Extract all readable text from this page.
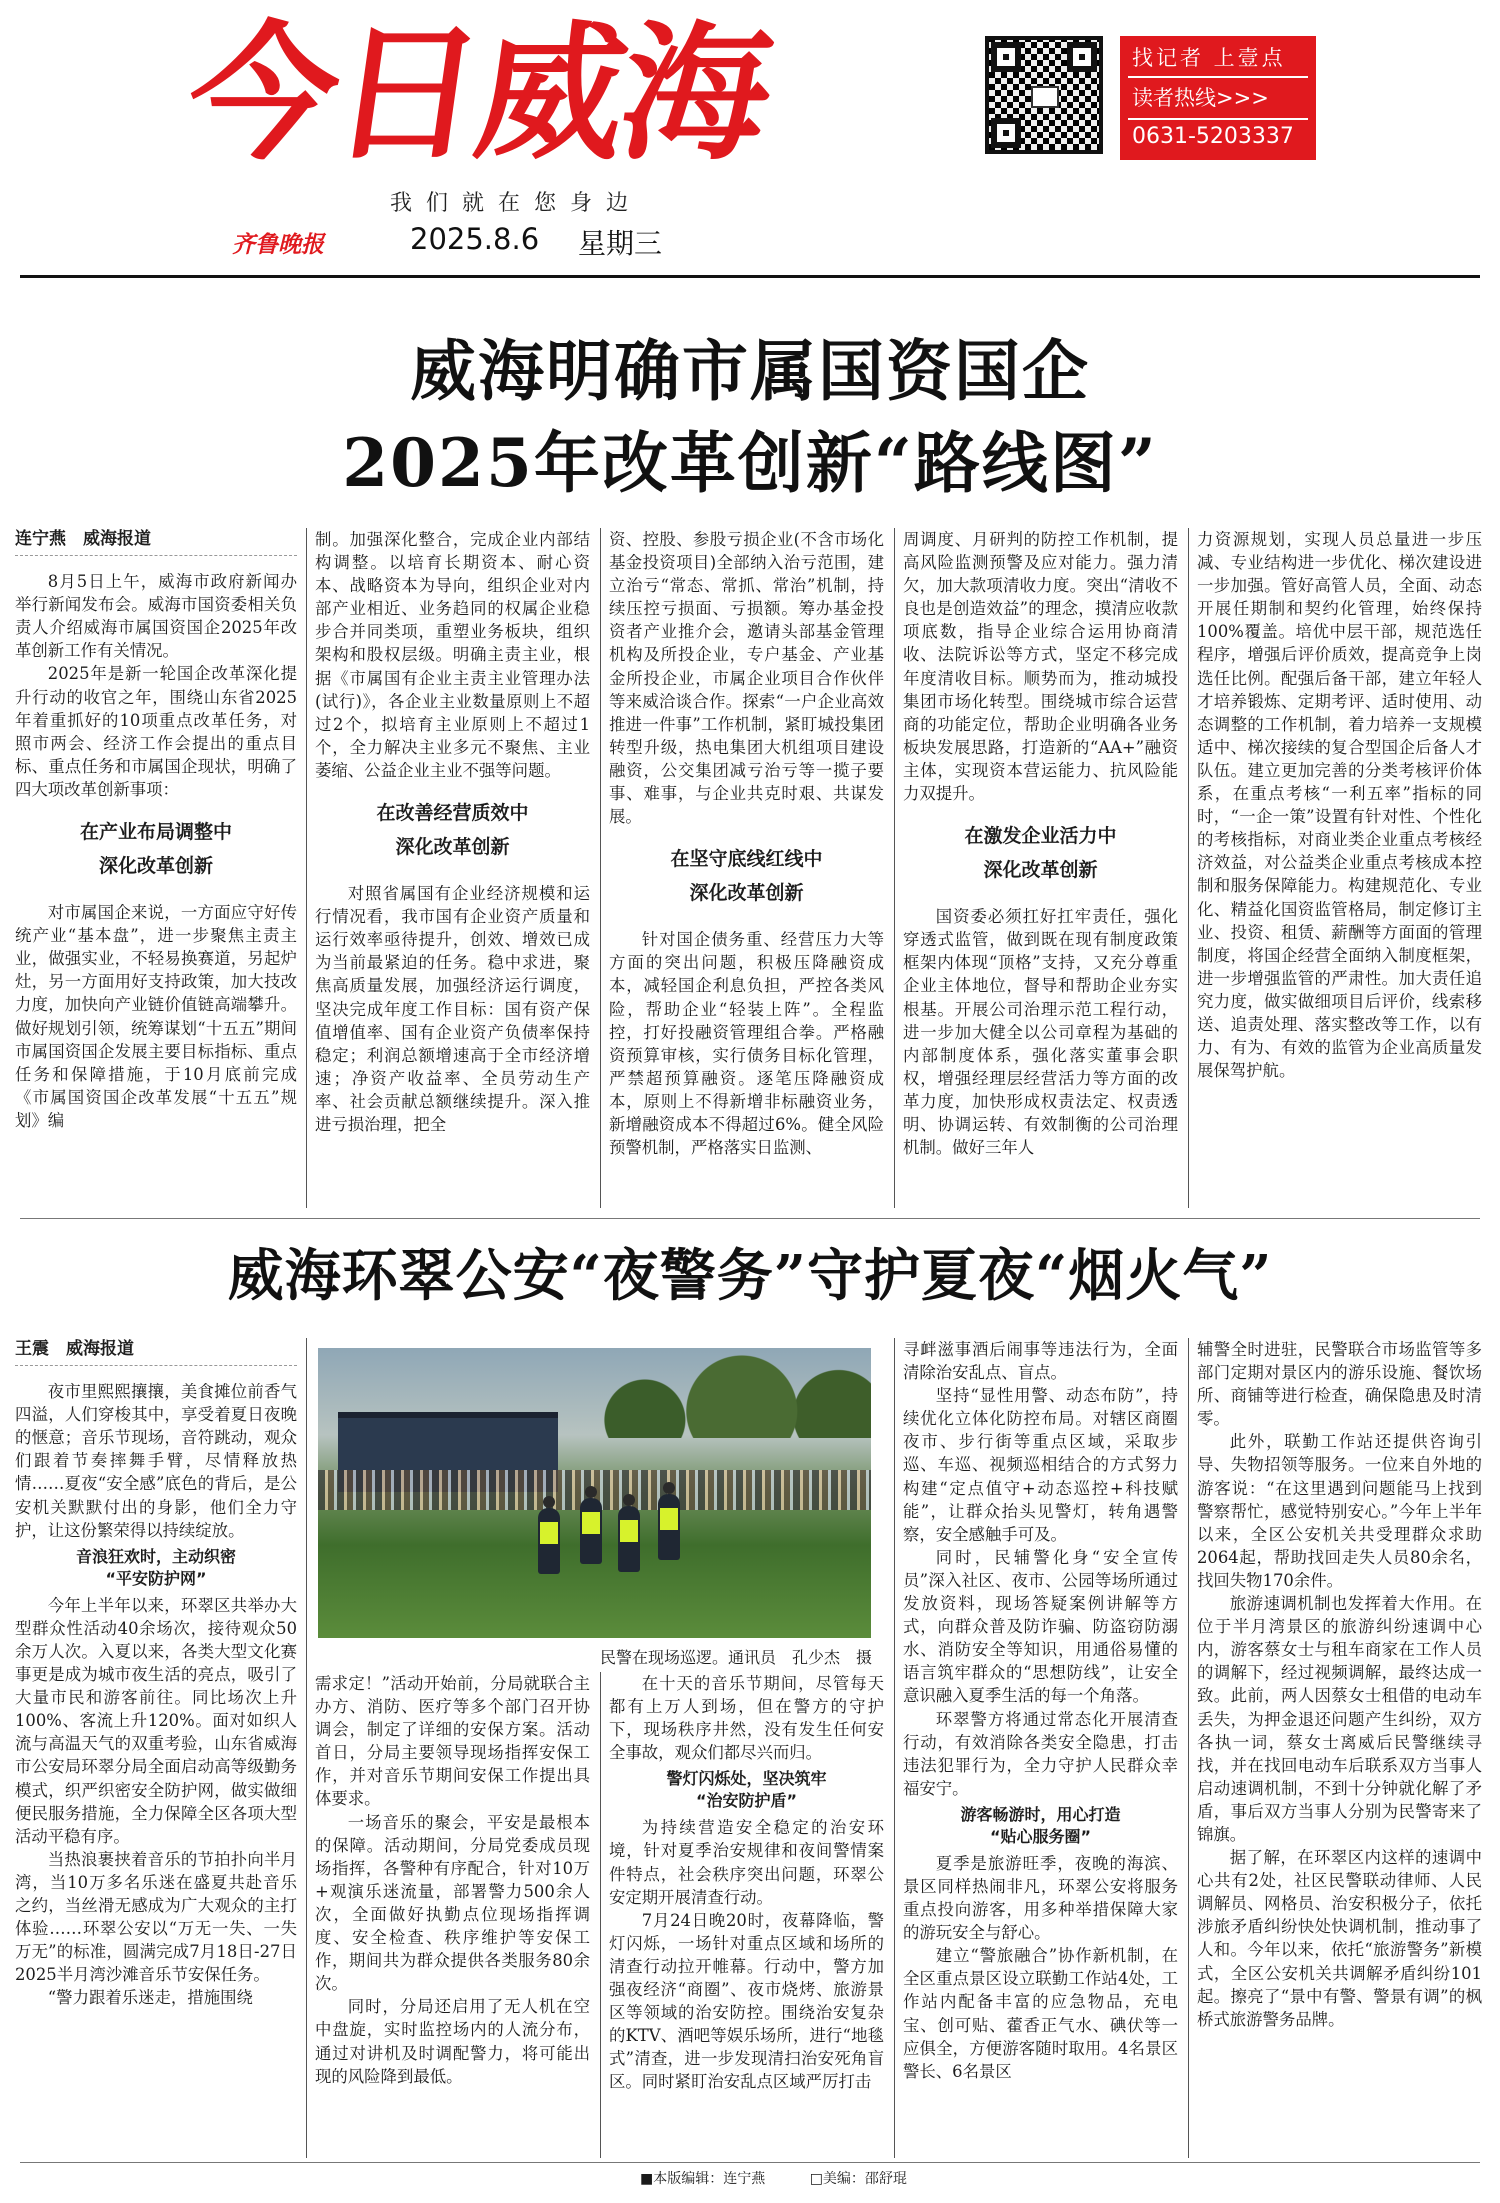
今日威海
我们就在您身边
找记者 上壹点
读者热线>>>
0631-5203337
齐鲁晚报	2025.8.6 星期三
威海明确市属国资国企
2025年改革创新“路线图”
连宁燕　威海报道

8月5日上午，威海市政府新闻办举行新闻发布会。威海市国资委相关负责人介绍威海市属国资国企2025年改革创新工作有关情况。

2025年是新一轮国企改革深化提升行动的收官之年，围绕山东省2025年着重抓好的10项重点改革任务，对照市两会、经济工作会提出的重点目标、重点任务和市属国企现状，明确了四大项改革创新事项：

在产业布局调整中
深化改革创新

对市属国企来说，一方面应守好传统产业“基本盘”，进一步聚焦主责主业，做强实业，不轻易换赛道，另起炉灶，另一方面用好支持政策，加大技改力度，加快向产业链价值链高端攀升。做好规划引领，统筹谋划“十五五”期间市属国资国企发展主要目标指标、重点任务和保障措施，于10月底前完成《市属国资国企改革发展“十五五”规划》编

制。加强深化整合，完成企业内部结构调整。以培育长期资本、耐心资本、战略资本为导向，组织企业对内部产业相近、业务趋同的权属企业稳步合并同类项，重塑业务板块，组织架构和股权层级。明确主责主业，根据《市属国有企业主责主业管理办法(试行)》，各企业主业数量原则上不超过2个，拟培育主业原则上不超过1个，全力解决主业多元不聚焦、主业萎缩、公益企业主业不强等问题。

在改善经营质效中
深化改革创新

对照省属国有企业经济规模和运行情况看，我市国有企业资产质量和运行效率亟待提升，创效、增效已成为当前最紧迫的任务。稳中求进，聚焦高质量发展，加强经济运行调度，坚决完成年度工作目标：国有资产保值增值率、国有企业资产负债率保持稳定；利润总额增速高于全市经济增速；净资产收益率、全员劳动生产率、社会贡献总额继续提升。深入推进亏损治理，把全

资、控股、参股亏损企业(不含市场化基金投资项目)全部纳入治亏范围，建立治亏“常态、常抓、常治”机制，持续压控亏损面、亏损额。筹办基金投资者产业推介会，邀请头部基金管理机构及所投企业，专户基金、产业基金所投企业，市属企业项目合作伙伴等来威洽谈合作。探索“一户企业高效推进一件事”工作机制，紧盯城投集团转型升级，热电集团大机组项目建设融资，公交集团减亏治亏等一揽子要事、难事，与企业共克时艰、共谋发展。

在坚守底线红线中
深化改革创新

针对国企债务重、经营压力大等方面的突出问题，积极压降融资成本，减轻国企利息负担，严控各类风险，帮助企业“轻装上阵”。全程监控，打好投融资管理组合拳。严格融资预算审核，实行债务目标化管理，严禁超预算融资。逐笔压降融资成本，原则上不得新增非标融资业务，新增融资成本不得超过6%。健全风险预警机制，严格落实日监测、

周调度、月研判的防控工作机制，提高风险监测预警及应对能力。强力清欠，加大款项清收力度。突出“清收不良也是创造效益”的理念，摸清应收款项底数，指导企业综合运用协商清收、法院诉讼等方式，坚定不移完成年度清收目标。顺势而为，推动城投集团市场化转型。围绕城市综合运营商的功能定位，帮助企业明确各业务板块发展思路，打造新的“AA+”融资主体，实现资本营运能力、抗风险能力双提升。

在激发企业活力中
深化改革创新

国资委必须扛好扛牢责任，强化穿透式监管，做到既在现有制度政策框架内体现“顶格”支持，又充分尊重企业主体地位，督导和帮助企业夯实根基。开展公司治理示范工程行动，进一步加大健全以公司章程为基础的内部制度体系，强化落实董事会职权，增强经理层经营活力等方面的改革力度，加快形成权责法定、权责透明、协调运转、有效制衡的公司治理机制。做好三年人

力资源规划，实现人员总量进一步压减、专业结构进一步优化、梯次建设进一步加强。管好高管人员，全面、动态开展任期制和契约化管理，始终保持100%覆盖。培优中层干部，规范选任程序，增强后评价质效，提高竞争上岗选任比例。配强后备干部，建立年轻人才培养锻炼、定期考评、适时使用、动态调整的工作机制，着力培养一支规模适中、梯次接续的复合型国企后备人才队伍。建立更加完善的分类考核评价体系，在重点考核“一利五率”指标的同时，“一企一策”设置有针对性、个性化的考核指标，对商业类企业重点考核经济效益，对公益类企业重点考核成本控制和服务保障能力。构建规范化、专业化、精益化国资监管格局，制定修订主业、投资、租赁、薪酬等方面面的管理制度，将国企经营全面纳入制度框架，进一步增强监管的严肃性。加大责任追究力度，做实做细项目后评价，线索移送、追责处理、落实整改等工作，以有力、有为、有效的监管为企业高质量发展保驾护航。

威海环翠公安“夜警务”守护夏夜“烟火气”
王震　威海报道

夜市里熙熙攘攘，美食摊位前香气四溢，人们穿梭其中，享受着夏日夜晚的惬意；音乐节现场，音符跳动，观众们跟着节奏摔舞手臂，尽情释放热情……夏夜“安全感”底色的背后，是公安机关默默付出的身影，他们全力守护，让这份繁荣得以持续绽放。

音浪狂欢时，主动织密
“平安防护网”

今年上半年以来，环翠区共举办大型群众性活动40余场次，接待观众50余万人次。入夏以来，各类大型文化赛事更是成为城市夜生活的亮点，吸引了大量市民和游客前往。同比场次上升100%、客流上升120%。面对如织人流与高温天气的双重考验，山东省威海市公安局环翠分局全面启动高等级勤务模式，织严织密安全防护网，做实做细便民服务措施，全力保障全区各项大型活动平稳有序。

当热浪裹挟着音乐的节拍扑向半月湾，当10万多名乐迷在盛夏共赴音乐之约，当丝滑无感成为广大观众的主打体验……环翠公安以“万无一失、一失万无”的标准，圆满完成7月18日-27日2025半月湾沙滩音乐节安保任务。

“警力跟着乐迷走，措施围绕

民警在现场巡逻。通讯员　孔少杰　摄

需求定！”活动开始前，分局就联合主办方、消防、医疗等多个部门召开协调会，制定了详细的安保方案。活动首日，分局主要领导现场指挥安保工作，并对音乐节期间安保工作提出具体要求。

一场音乐的聚会，平安是最根本的保障。活动期间，分局党委成员现场指挥，各警种有序配合，针对10万+观演乐迷流量，部署警力500余人次，全面做好执勤点位现场指挥调度、安全检查、秩序维护等安保工作，期间共为群众提供各类服务80余次。

同时，分局还启用了无人机在空中盘旋，实时监控场内的人流分布，通过对讲机及时调配警力，将可能出现的风险降到最低。

在十天的音乐节期间，尽管每天都有上万人到场，但在警方的守护下，现场秩序井然，没有发生任何安全事故，观众们都尽兴而归。

警灯闪烁处，坚决筑牢
“治安防护盾”

为持续营造安全稳定的治安环境，针对夏季治安规律和夜间警情案件特点，社会秩序突出问题，环翠公安定期开展清查行动。

7月24日晚20时，夜幕降临，警灯闪烁，一场针对重点区域和场所的清查行动拉开帷幕。行动中，警方加强夜经济“商圈”、夜市烧烤、旅游景区等领域的治安防控。围绕治安复杂的KTV、酒吧等娱乐场所，进行“地毯式”清查，进一步发现清扫治安死角盲区。同时紧盯治安乱点区域严厉打击

寻衅滋事酒后闹事等违法行为，全面清除治安乱点、盲点。

坚持“显性用警、动态布防”，持续优化立体化防控布局。对辖区商圈夜市、步行街等重点区域，采取步巡、车巡、视频巡相结合的方式努力构建“定点值守+动态巡控+科技赋能”，让群众抬头见警灯，转角遇警察，安全感触手可及。

同时，民辅警化身“安全宣传员”深入社区、夜市、公园等场所通过发放资料，现场答疑案例讲解等方式，向群众普及防诈骗、防盗窃防溺水、消防安全等知识，用通俗易懂的语言筑牢群众的“思想防线”，让安全意识融入夏季生活的每一个角落。

环翠警方将通过常态化开展清查行动，有效消除各类安全隐患，打击违法犯罪行为，全力守护人民群众幸福安宁。

游客畅游时，用心打造
“贴心服务圈”

夏季是旅游旺季，夜晚的海滨、景区同样热闹非凡，环翠公安将服务重点投向游客，用多种举措保障大家的游玩安全与舒心。

建立“警旅融合”协作新机制，在全区重点景区设立联勤工作站4处，工作站内配备丰富的应急物品，充电宝、创可贴、藿香正气水、碘伏等一应俱全，方便游客随时取用。4名景区警长、6名景区

辅警全时进驻，民警联合市场监管等多部门定期对景区内的游乐设施、餐饮场所、商铺等进行检查，确保隐患及时清零。

此外，联勤工作站还提供咨询引导、失物招领等服务。一位来自外地的游客说：“在这里遇到问题能马上找到警察帮忙，感觉特别安心。”今年上半年以来，全区公安机关共受理群众求助2064起，帮助找回走失人员80余名，找回失物170余件。

旅游速调机制也发挥着大作用。在位于半月湾景区的旅游纠纷速调中心内，游客蔡女士与租车商家在工作人员的调解下，经过视频调解，最终达成一致。此前，两人因蔡女士租借的电动车丢失，为押金退还问题产生纠纷，双方各执一词，蔡女士离威后民警继续寻找，并在找回电动车后联系双方当事人启动速调机制，不到十分钟就化解了矛盾，事后双方当事人分别为民警寄来了锦旗。

据了解，在环翠区内这样的速调中心共有2处，社区民警联动律师、人民调解员、网格员、治安积极分子，依托涉旅矛盾纠纷快处快调机制，推动事了人和。今年以来，依托“旅游警务”新模式，全区公安机关共调解矛盾纠纷101起。擦亮了“景中有警、警景有调”的枫桥式旅游警务品牌。

■本版编辑：连宁燕	□美编：邵舒琨
